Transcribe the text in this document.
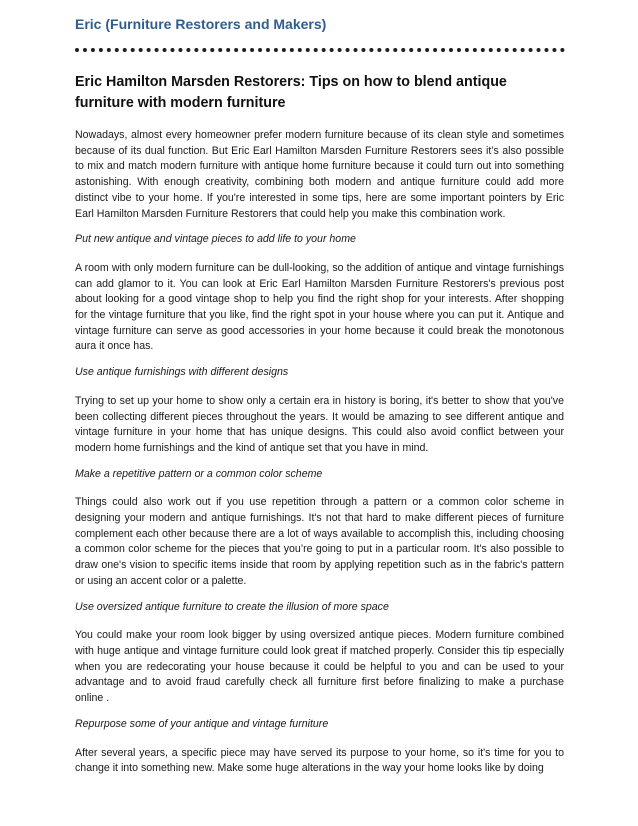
Eric (Furniture Restorers and Makers)
Eric Hamilton Marsden Restorers: Tips on how to blend antique furniture with modern furniture

Nowadays, almost every homeowner prefer modern furniture because of its clean style and sometimes because of its dual function. But Eric Earl Hamilton Marsden Furniture Restorers sees it’s also possible to mix and match modern furniture with antique home furniture because it could turn out into something astonishing. With enough creativity, combining both modern and antique furniture could add more distinct vibe to your home. If you're interested in some tips, here are some important pointers by Eric Earl Hamilton Marsden Furniture Restorers that could help you make this combination work.

Put new antique and vintage pieces to add life to your home

A room with only modern furniture can be dull-looking, so the addition of antique and vintage furnishings can add glamor to it. You can look at Eric Earl Hamilton Marsden Furniture Restorers's previous post about looking for a good vintage shop to help you find the right shop for your interests. After shopping for the vintage furniture that you like, find the right spot in your house where you can put it. Antique and vintage furniture can serve as good accessories in your home because it could break the monotonous aura it once has.

Use antique furnishings with different designs

Trying to set up your home to show only a certain era in history is boring, it's better to show that you've been collecting different pieces throughout the years. It would be amazing to see different antique and vintage furniture in your home that has unique designs. This could also avoid conflict between your modern home furnishings and the kind of antique set that you have in mind.

Make a repetitive pattern or a common color scheme

Things could also work out if you use repetition through a pattern or a common color scheme in designing your modern and antique furnishings. It's not that hard to make different pieces of furniture complement each other because there are a lot of ways available to accomplish this, including choosing a common color scheme for the pieces that you’re going to put in a particular room. It's also possible to draw one's vision to specific items inside that room by applying repetition such as in the fabric's pattern or using an accent color or a palette.

Use oversized antique furniture to create the illusion of more space

You could make your room look bigger by using oversized antique pieces. Modern furniture combined with huge antique and vintage furniture could look great if matched properly. Consider this tip especially when you are redecorating your house because it could be helpful to you and can be used to your advantage and to avoid fraud carefully check all furniture first before finalizing to make a purchase online .

Repurpose some of your antique and vintage furniture

After several years, a specific piece may have served its purpose to your home, so it's time for you to change it into something new. Make some huge alterations in the way your home looks like by doing
